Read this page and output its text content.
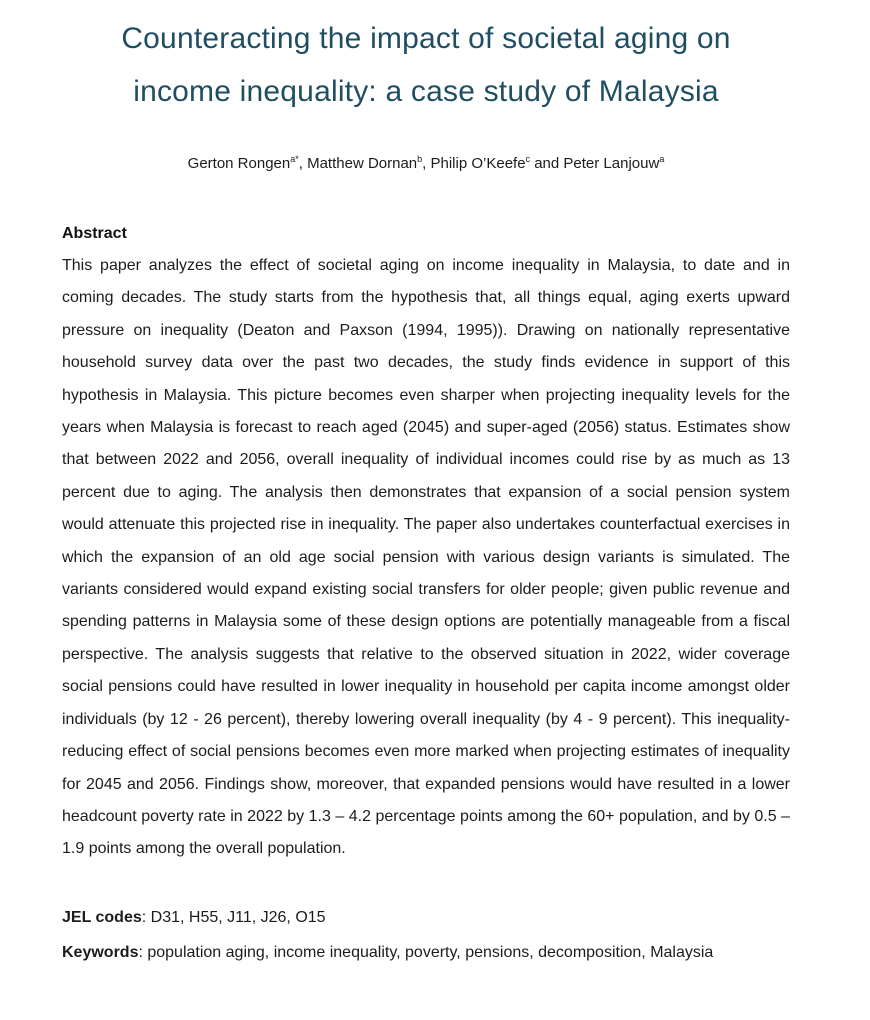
Counteracting the impact of societal aging on
income inequality: a case study of Malaysia

Gerton Rongen$^{a*}$, Matthew Dornan$^b$, Philip O’Keefe$^c$ and Peter Lanjouw$^a$

Abstract

This paper analyzes the effect of societal aging on income inequality in Malaysia, to date and in coming decades. The study starts from the hypothesis that, all things equal, aging exerts upward pressure on inequality (Deaton and Paxson (1994, 1995)). Drawing on nationally representative household survey data over the past two decades, the study finds evidence in support of this hypothesis in Malaysia. This picture becomes even sharper when projecting inequality levels for the years when Malaysia is forecast to reach aged (2045) and super-aged (2056) status. Estimates show that between 2022 and 2056, overall inequality of individual incomes could rise by as much as 13 percent due to aging. The analysis then demonstrates that expansion of a social pension system would attenuate this projected rise in inequality. The paper also undertakes counterfactual exercises in which the expansion of an old age social pension with various design variants is simulated. The variants considered would expand existing social transfers for older people; given public revenue and spending patterns in Malaysia some of these design options are potentially manageable from a fiscal perspective. The analysis suggests that relative to the observed situation in 2022, wider coverage social pensions could have resulted in lower inequality in household per capita income amongst older individuals (by 12 - 26 percent), thereby lowering overall inequality (by 4 - 9 percent). This inequality-reducing effect of social pensions becomes even more marked when projecting estimates of inequality for 2045 and 2056. Findings show, moreover, that expanded pensions would have resulted in a lower headcount poverty rate in 2022 by 1.3 – 4.2 percentage points among the 60+ population, and by 0.5 – 1.9 points among the overall population.

JEL codes: D31, H55, J11, J26, O15

Keywords: population aging, income inequality, poverty, pensions, decomposition, Malaysia
